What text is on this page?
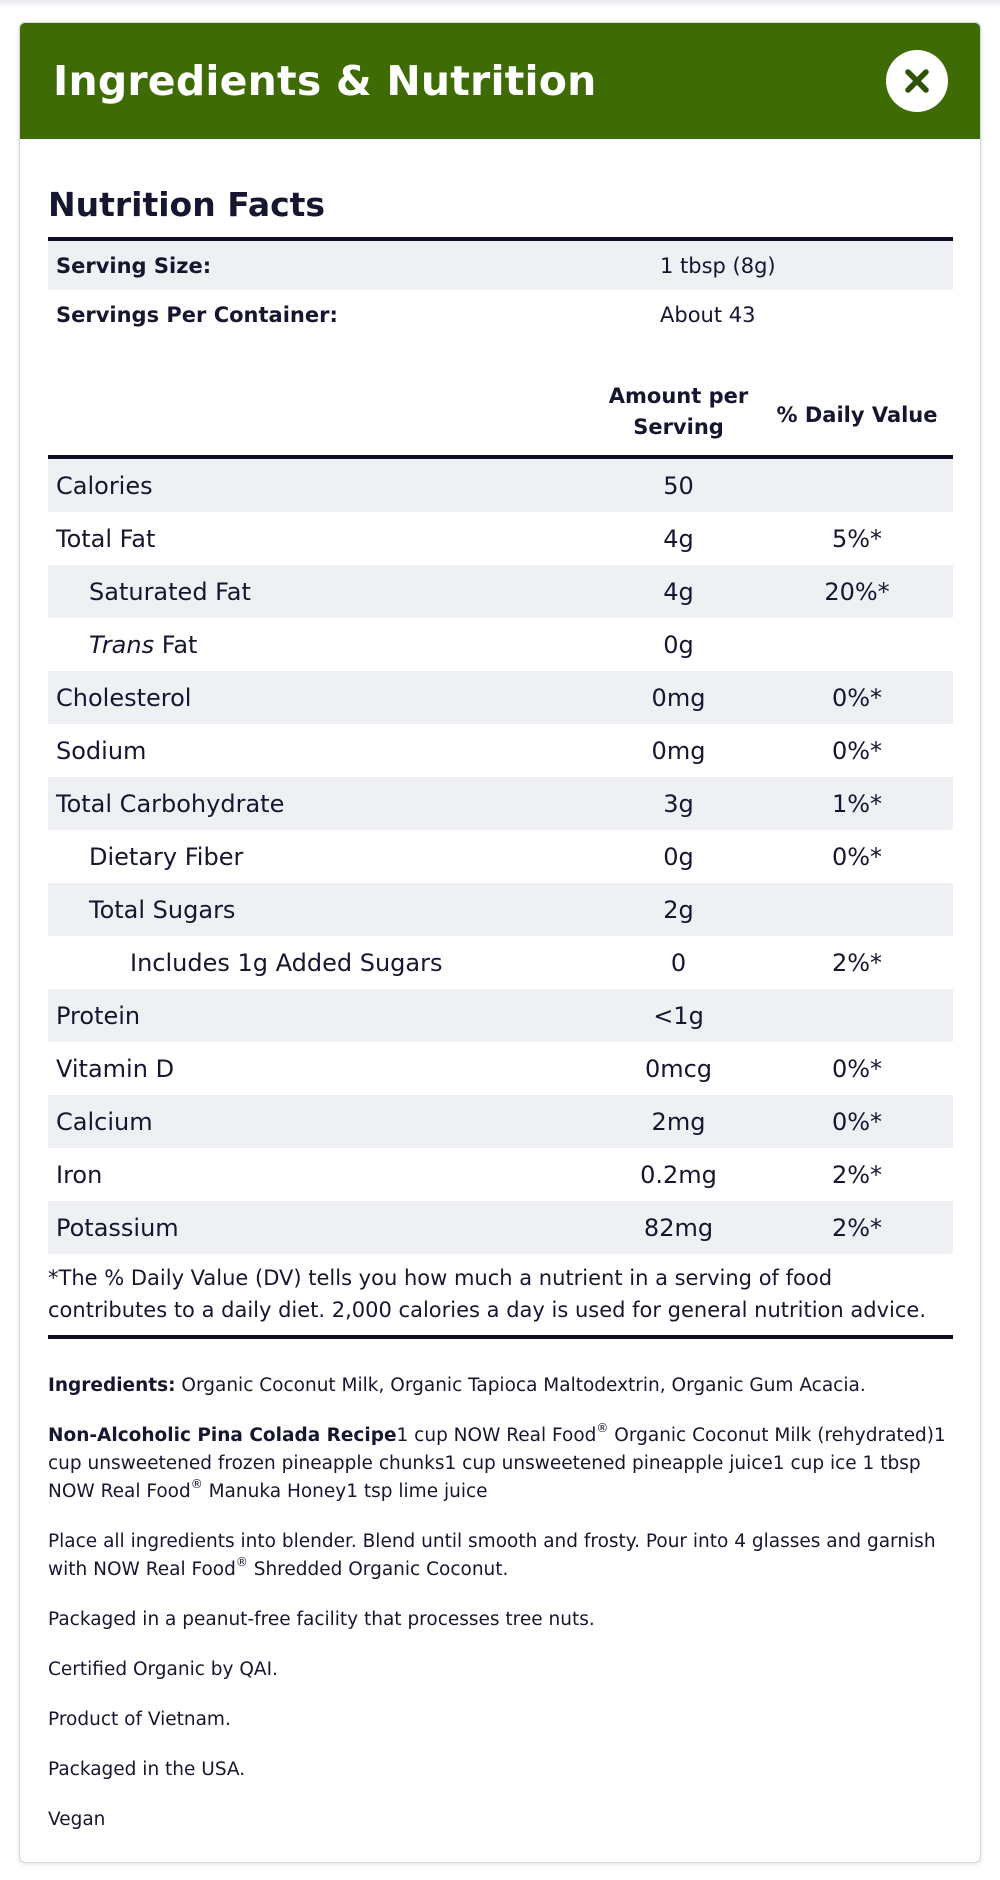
Ingredients & Nutrition
Nutrition Facts
Serving Size:	1 tbsp (8g)
Servings Per Container:	About 43
Amount per Serving	% Daily Value
Calories	50
Total Fat	4g	5%*
Saturated Fat	4g	20%*
Trans Fat	0g
Cholesterol	0mg	0%*
Sodium	0mg	0%*
Total Carbohydrate	3g	1%*
Dietary Fiber	0g	0%*
Total Sugars	2g
Includes 1g Added Sugars	0	2%*
Protein	<1g
Vitamin D	0mcg	0%*
Calcium	2mg	0%*
Iron	0.2mg	2%*
Potassium	82mg	2%*
*The % Daily Value (DV) tells you how much a nutrient in a serving of food contributes to a daily diet. 2,000 calories a day is used for general nutrition advice.

Ingredients: Organic Coconut Milk, Organic Tapioca Maltodextrin, Organic Gum Acacia.

Non-Alcoholic Pina Colada Recipe1 cup NOW Real Food® Organic Coconut Milk (rehydrated)1 cup unsweetened frozen pineapple chunks1 cup unsweetened pineapple juice1 cup ice 1 tbsp NOW Real Food® Manuka Honey1 tsp lime juice

Place all ingredients into blender. Blend until smooth and frosty. Pour into 4 glasses and garnish with NOW Real Food® Shredded Organic Coconut.

Packaged in a peanut-free facility that processes tree nuts.

Certified Organic by QAI.

Product of Vietnam.

Packaged in the USA.

Vegan
